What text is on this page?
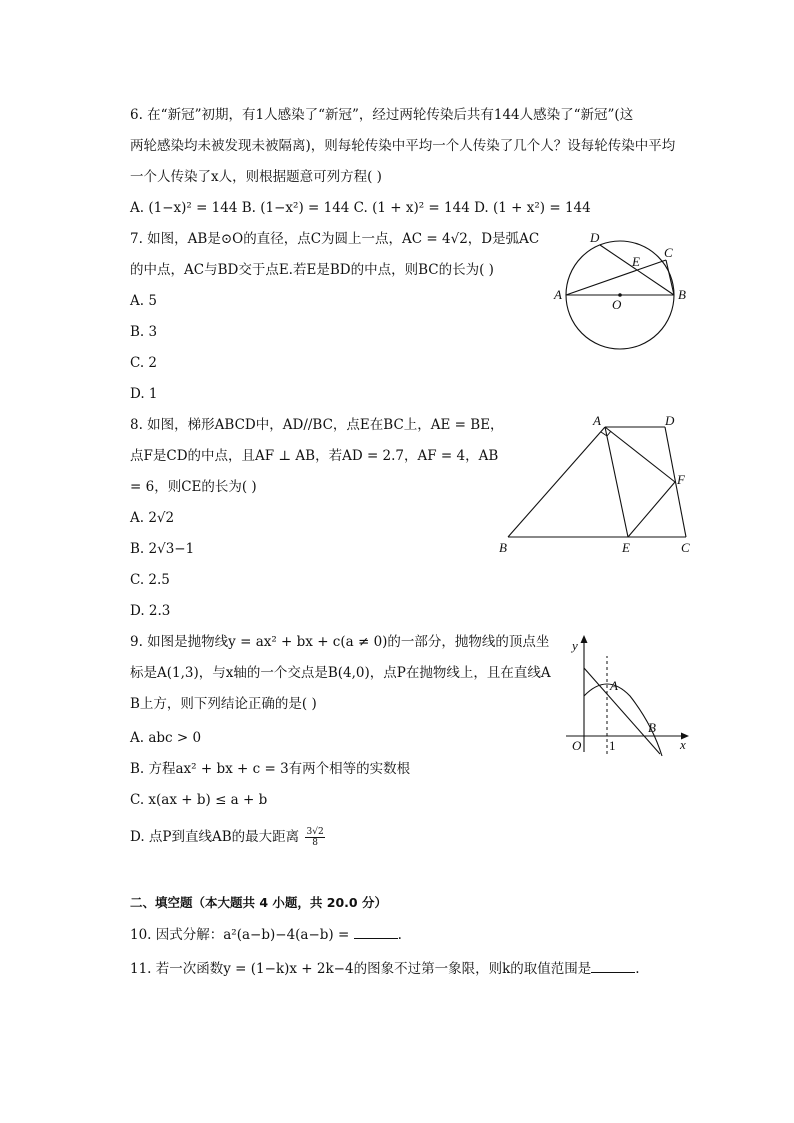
6. 在“新冠”初期，有1人感染了“新冠”，经过两轮传染后共有144人感染了“新冠”(这
两轮感染均未被发现未被隔离)，则每轮传染中平均一个人传染了几个人？设每轮传染中平均
一个人传染了x人，则根据题意可列方程( )
A. (1−x)² = 144 B. (1−x²) = 144 C. (1 + x)² = 144 D. (1 + x²) = 144
7. 如图，AB是⊙O的直径，点C为圆上一点，AC = 4√2，D是弧AC
的中点，AC与BD交于点E.若E是BD的中点，则BC的长为( )
A. 5
B. 3
C. 2
D. 1
A	B
C
D
E
O
8. 如图，梯形ABCD中，AD//BC，点E在BC上，AE = BE，
点F是CD的中点，且AF ⊥ AB，若AD = 2.7，AF = 4，AB
= 6，则CE的长为( )
A. 2√2
B. 2√3−1
C. 2.5
D. 2.3
A	D
F
B	E	C
9. 如图是抛物线y = ax² + bx + c(a ≠ 0)的一部分，抛物线的顶点坐
标是A(1,3)，与x轴的一个交点是B(4,0)，点P在抛物线上，且在直线A
B上方，则下列结论正确的是( )
A. abc > 0
B. 方程ax² + bx + c = 3有两个相等的实数根
C. x(ax + b) ≤ a + b
D. 点P到直线AB的最大距离 $\frac{3√2}{8}$
y
x
A
B
O 1
二、填空题（本大题共 4 小题，共 20.0 分）
10. 因式分解：a²(a−b)−4(a−b) =	.
11. 若一次函数y = (1−k)x + 2k−4的图象不过第一象限，则k的取值范围是	.
